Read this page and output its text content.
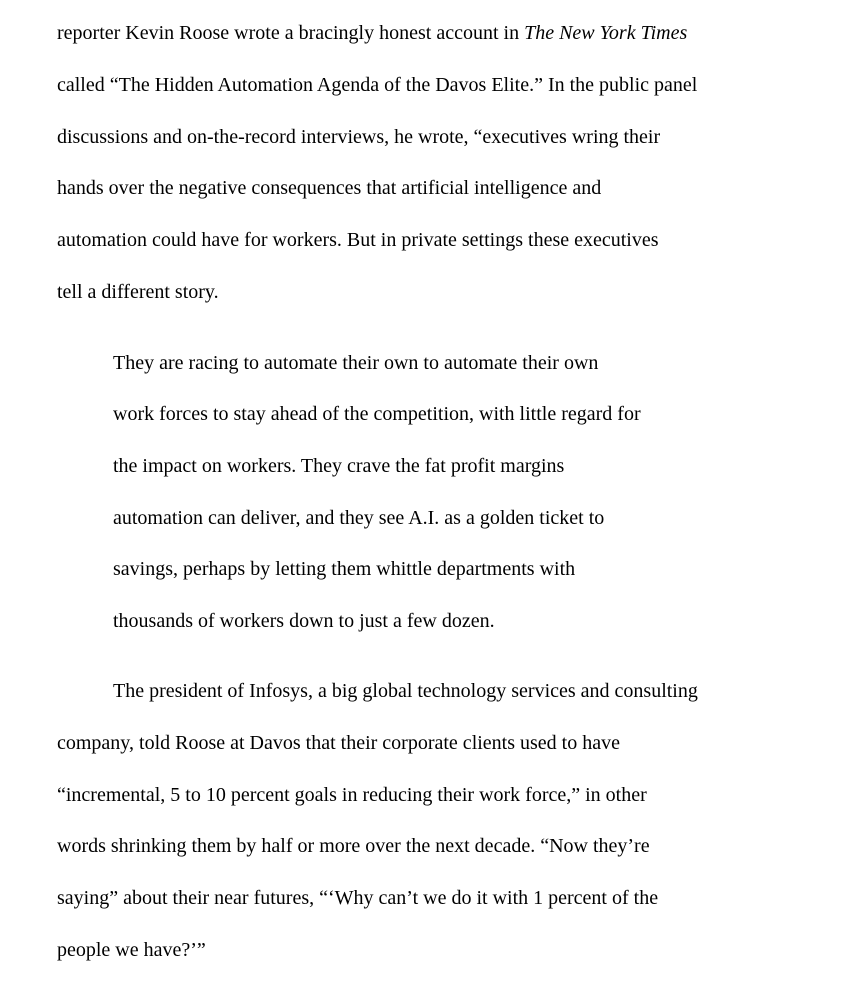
reporter Kevin Roose wrote a bracingly honest account in The New York Times
called “The Hidden Automation Agenda of the Davos Elite.” In the public panel
discussions and on-the-record interviews, he wrote, “executives wring their
hands over the negative consequences that artificial intelligence and
automation could have for workers. But in private settings these executives
tell a different story.
They are racing to automate their own to automate their own
work forces to stay ahead of the competition, with little regard for
the impact on workers. They crave the fat profit margins
automation can deliver, and they see A.I. as a golden ticket to
savings, perhaps by letting them whittle departments with
thousands of workers down to just a few dozen.
The president of Infosys, a big global technology services and consulting
company, told Roose at Davos that their corporate clients used to have
“incremental, 5 to 10 percent goals in reducing their work force,” in other
words shrinking them by half or more over the next decade. “Now they’re
saying” about their near futures, “‘Why can’t we do it with 1 percent of the
people we have?’”
